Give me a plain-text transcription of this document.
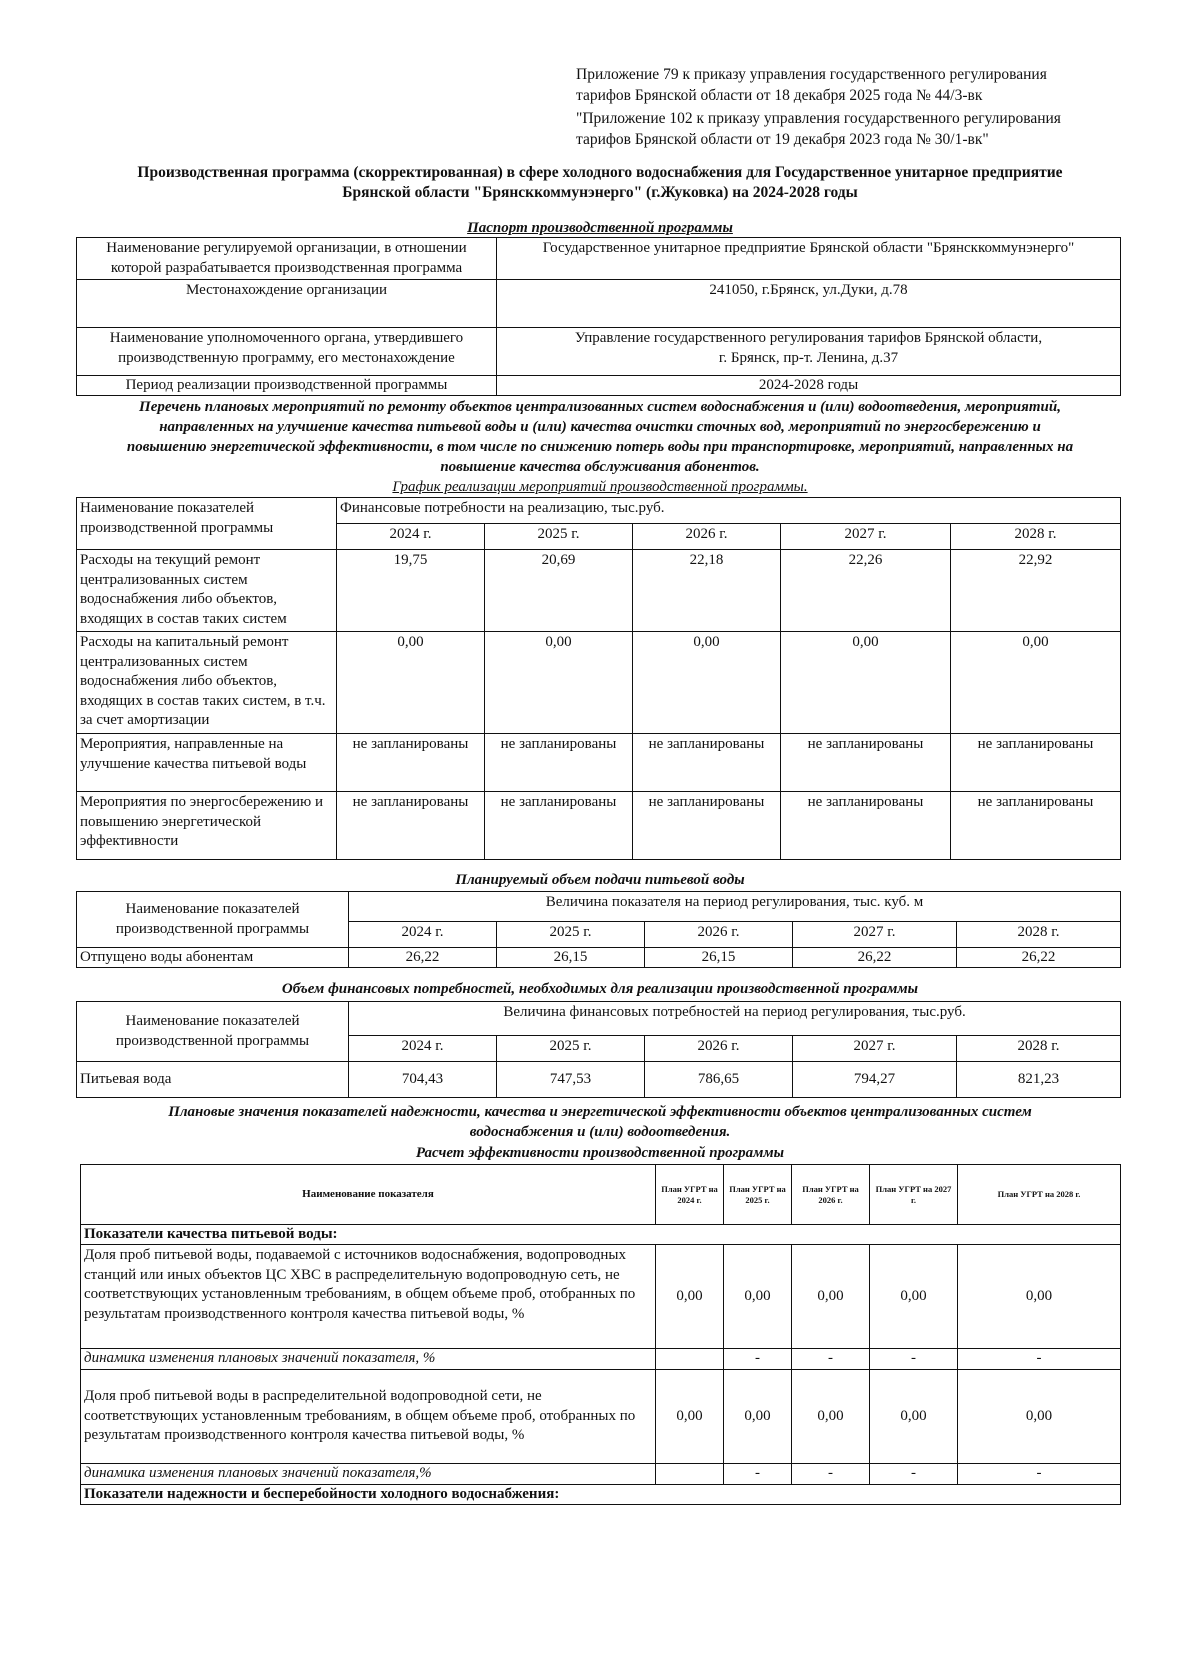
Приложение 79 к приказу управления государственного регулирования
тарифов Брянской области от 18 декабря 2025 года № 44/3-вк
"Приложение 102 к приказу управления государственного регулирования
тарифов Брянской области от 19 декабря 2023 года № 30/1-вк"
Производственная программа (скорректированная) в сфере холодного водоснабжения для Государственное унитарное предприятие
Брянской области "Брянсккоммунэнерго" (г.Жуковка) на 2024-2028 годы
Паспорт производственной программы
Наименование регулируемой организации, в отношении которой разрабатывается производственная программа	Государственное унитарное предприятие Брянской области "Брянсккоммунэнерго"
Местонахождение организации	241050, г.Брянск, ул.Дуки, д.78
Наименование уполномоченного органа, утвердившего производственную программу, его местонахождение	Управление государственного регулирования тарифов Брянской области,
г. Брянск, пр-т. Ленина, д.37

Период реализации производственной программы	2024-2028 годы
Перечень плановых мероприятий по ремонту объектов централизованных систем водоснабжения и (или) водоотведения, мероприятий,
направленных на улучшение качества питьевой воды и (или) качества очистки сточных вод, мероприятий по энергосбережению и
повышению энергетической эффективности, в том числе по снижению потерь воды при транспортировке, мероприятий, направленных на
повышение качества обслуживания абонентов.
График реализации мероприятий производственной программы.
Наименование показателей производственной программы	Финансовые потребности на реализацию, тыс.руб.				
	2024 г.	2025 г.	2026 г.	2027 г.	2028 г.
Расходы на текущий ремонт централизованных систем водоснабжения либо объектов, входящих в состав таких систем	19,75	20,69	22,18	22,26	22,92
Расходы на капитальный ремонт централизованных систем водоснабжения либо объектов, входящих в состав таких систем, в т.ч. за счет амортизации	0,00	0,00	0,00	0,00	0,00
Мероприятия, направленные на улучшение качества питьевой воды	не запланированы	не запланированы	не запланированы	не запланированы	не запланированы
Мероприятия по энергосбережению и повышению энергетической эффективности	не запланированы	не запланированы	не запланированы	не запланированы	не запланированы
Планируемый объем подачи питьевой воды
Наименование показателей производственной программы	Величина показателя на период регулирования, тыс. куб. м				
	2024 г.	2025 г.	2026 г.	2027 г.	2028 г.
Отпущено воды абонентам	26,22	26,15	26,15	26,22	26,22
Объем финансовых потребностей, необходимых для реализации производственной программы
Наименование показателей производственной программы	Величина финансовых потребностей на период регулирования, тыс.руб.				
	2024 г.	2025 г.	2026 г.	2027 г.	2028 г.
Питьевая вода	704,43	747,53	786,65	794,27	821,23
Плановые значения показателей надежности, качества и энергетической эффективности объектов централизованных систем
водоснабжения и (или) водоотведения.
Расчет эффективности производственной программы
Наименование показателя	План УГРТ на 2024 г.	План УГРТ на 2025 г.	План УГРТ на 2026 г.	План УГРТ на 2027 г.	План УГРТ на 2028 г.
Показатели качества питьевой воды:					
Доля проб питьевой воды, подаваемой с источников водоснабжения, водопроводных станций или иных объектов ЦС ХВС в распределительную водопроводную сеть, не соответствующих установленным требованиям, в общем объеме проб, отобранных по результатам производственного контроля качества питьевой воды, %	0,00	0,00	0,00	0,00	0,00
динамика изменения плановых значений показателя, %		-	-	-	-
Доля проб питьевой воды в распределительной водопроводной сети, не соответствующих установленным требованиям, в общем объеме проб, отобранных по результатам производственного контроля качества питьевой воды, %	0,00	0,00	0,00	0,00	0,00
динамика изменения плановых значений показателя,%		-	-	-	-
Показатели надежности и бесперебойности холодного водоснабжения:					
